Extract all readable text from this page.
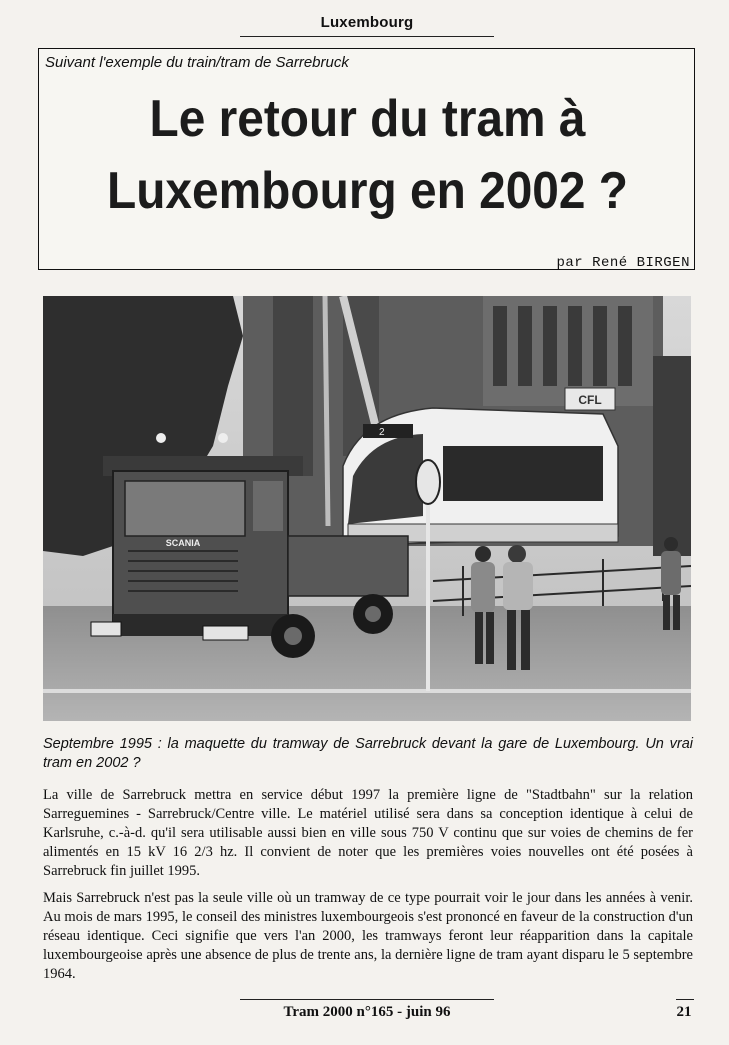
Luxembourg
Suivant l'exemple du train/tram de Sarrebruck
Le retour du tram à
Luxembourg en 2002 ?
par René BIRGEN
CFL
2
SCANIA
Septembre 1995 : la maquette du tramway de Sarrebruck devant la gare de Luxembourg. Un vrai tram en 2002 ?
La ville de Sarrebruck mettra en service début 1997 la première ligne de "Stadtbahn" sur la relation Sarreguemines - Sarrebruck/Centre ville. Le matériel utilisé sera dans sa conception identique à celui de Karlsruhe, c.-à-d. qu'il sera utilisable aussi bien en ville sous 750 V continu que sur voies de chemins de fer alimentés en 15 kV 16 2/3 hz. Il convient de noter que les premières voies nouvelles ont été posées à Sarrebruck fin juillet 1995.
Mais Sarrebruck n'est pas la seule ville où un tramway de ce type pourrait voir le jour dans les années à venir. Au mois de mars 1995, le conseil des ministres luxembourgeois s'est prononcé en faveur de la construction d'un réseau identique. Ceci signifie que vers l'an 2000, les tramways feront leur réapparition dans la capitale luxembourgeoise après une absence de plus de trente ans, la dernière ligne de tram ayant disparu le 5 septembre 1964.
Tram 2000 n°165 - juin 96	21
